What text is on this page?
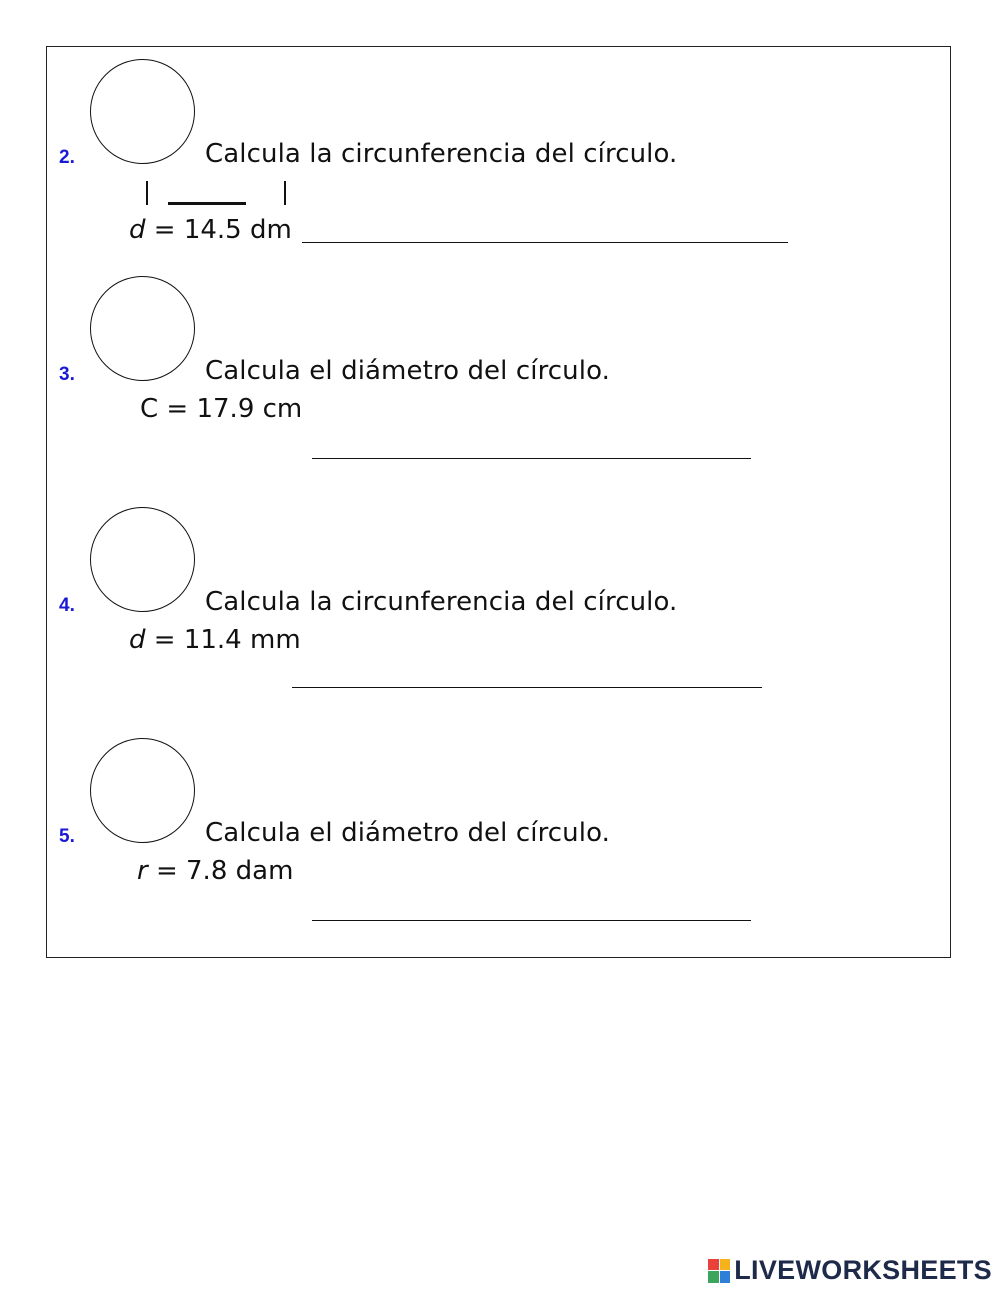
2.	Calcula la circunferencia del círculo.
d = 14.5 dm
3.	Calcula el diámetro del círculo.
C = 17.9 cm
4.	Calcula la circunferencia del círculo.
d = 11.4 mm
5.	Calcula el diámetro del círculo.
r = 7.8 dam
LIVEWORKSHEETS
